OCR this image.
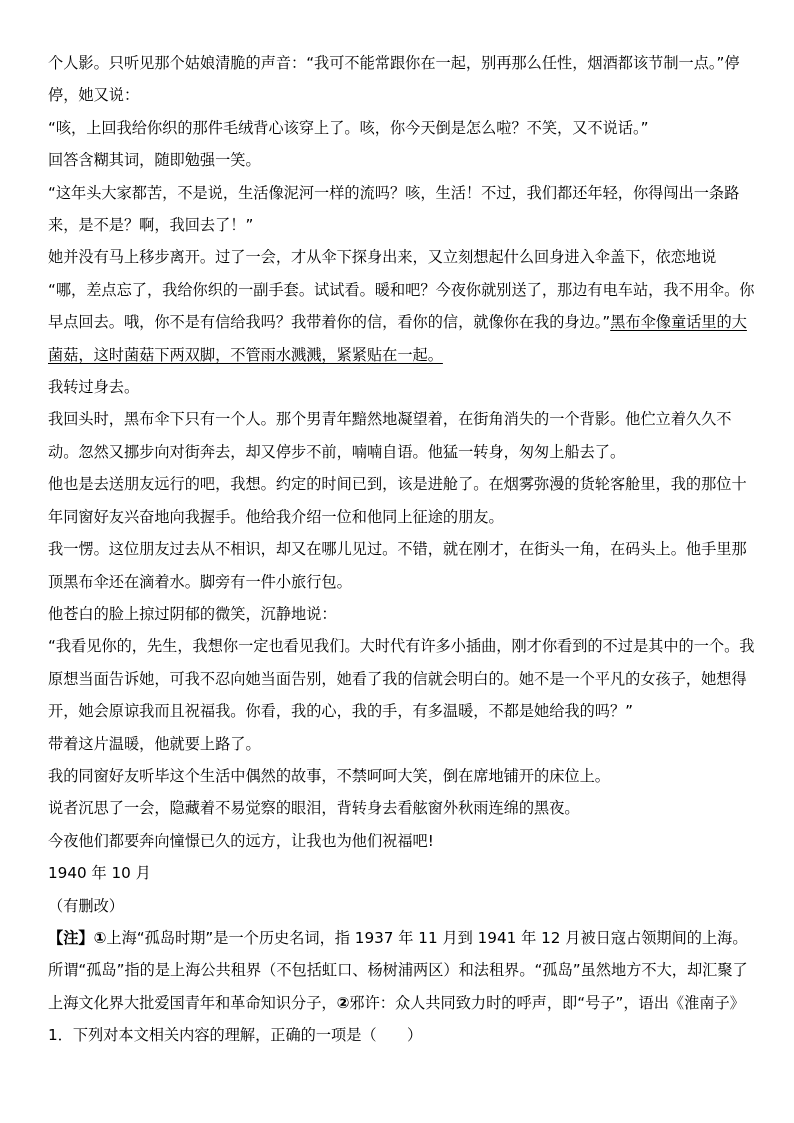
个人影。只听见那个姑娘清脆的声音：“我可不能常跟你在一起，别再那么任性，烟酒都该节制一点。”停停，她又说：

“咳，上回我给你织的那件毛绒背心该穿上了。咳，你今天倒是怎么啦？不笑，又不说话。”

回答含糊其词，随即勉强一笑。

“这年头大家都苦，不是说，生活像泥河一样的流吗？咳，生活！不过，我们都还年轻，你得闯出一条路来，是不是？啊，我回去了！”

她并没有马上移步离开。过了一会，才从伞下探身出来，又立刻想起什么回身进入伞盖下，依恋地说

“哪，差点忘了，我给你织的一副手套。试试看。暖和吧？今夜你就别送了，那边有电车站，我不用伞。你早点回去。哦，你不是有信给我吗？我带着你的信，看你的信，就像你在我的身边。”黑布伞像童话里的大菌菇，这时菌菇下两双脚，不管雨水溅溅，紧紧贴在一起。

我转过身去。

我回头时，黑布伞下只有一个人。那个男青年黯然地凝望着，在街角消失的一个背影。他伫立着久久不动。忽然又挪步向对街奔去，却又停步不前，喃喃自语。他猛一转身，匆匆上船去了。

他也是去送朋友远行的吧，我想。约定的时间已到，该是进舱了。在烟雾弥漫的货轮客舱里，我的那位十年同窗好友兴奋地向我握手。他给我介绍一位和他同上征途的朋友。

我一愣。这位朋友过去从不相识，却又在哪儿见过。不错，就在刚才，在街头一角，在码头上。他手里那顶黑布伞还在滴着水。脚旁有一件小旅行包。

他苍白的脸上掠过阴郁的微笑，沉静地说：

“我看见你的，先生，我想你一定也看见我们。大时代有许多小插曲，刚才你看到的不过是其中的一个。我原想当面告诉她，可我不忍向她当面告别，她看了我的信就会明白的。她不是一个平凡的女孩子，她想得开，她会原谅我而且祝福我。你看，我的心，我的手，有多温暖，不都是她给我的吗？”

带着这片温暖，他就要上路了。

我的同窗好友听毕这个生活中偶然的故事，不禁呵呵大笑，倒在席地铺开的床位上。

说者沉思了一会，隐藏着不易觉察的眼泪，背转身去看舷窗外秋雨连绵的黑夜。

今夜他们都要奔向憧憬已久的远方，让我也为他们祝福吧!

1940 年 10 月

（有删改）

【注】①上海“孤岛时期”是一个历史名词，指 1937 年 11 月到 1941 年 12 月被日寇占领期间的上海。所谓“孤岛”指的是上海公共租界（不包括虹口、杨树浦两区）和法租界。“孤岛”虽然地方不大，却汇聚了上海文化界大批爱国青年和革命知识分子，②邪许：众人共同致力时的呼声，即“号子”，语出《淮南子》

1．下列对本文相关内容的理解，正确的一项是（　　）
